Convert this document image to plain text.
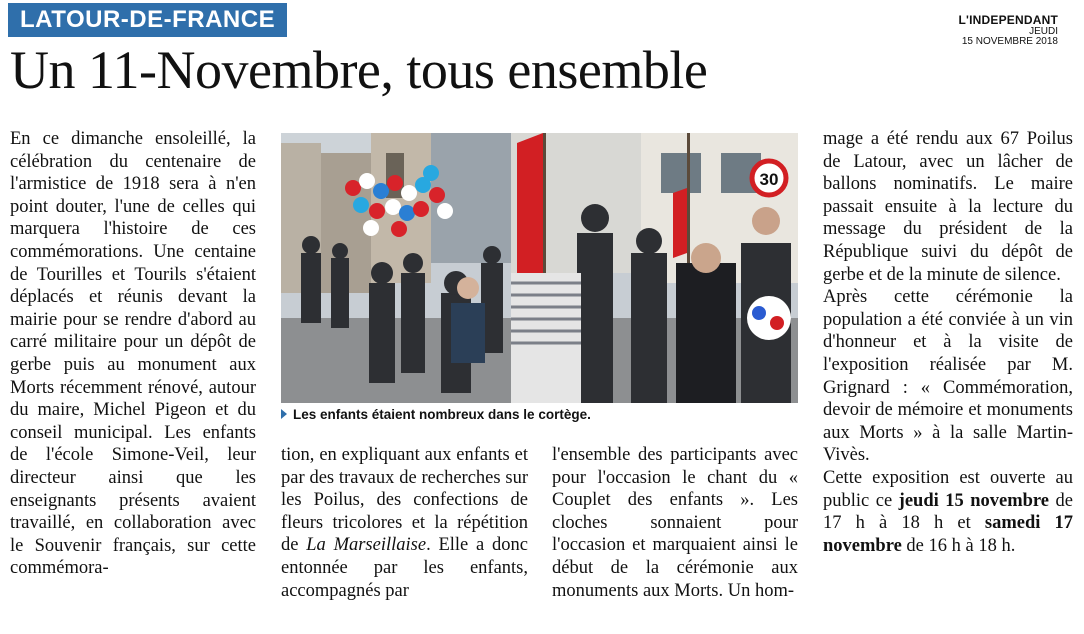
LATOUR-DE-FRANCE	L'INDEPENDANT
JEUDI
15 NOVEMBRE 2018
Un 11-Novembre, tous ensemble

En ce dimanche ensoleillé, la célébration du centenaire de l'armistice de 1918 sera à n'en point douter, l'une de celles qui marquera l'histoire de ces commémorations. Une centaine de Tourilles et Tourils s'étaient déplacés et réunis devant la mairie pour se rendre d'abord au carré militaire pour un dépôt de gerbe puis au monument aux Morts récemment rénové, autour du maire, Michel Pigeon et du conseil municipal. Les enfants de l'école Simone-Veil, leur directeur ainsi que les enseignants présents avaient travaillé, en collaboration avec le Souvenir français, sur cette commémora-

30
Les enfants étaient nombreux dans le cortège.

tion, en expliquant aux enfants et par des travaux de recherches sur les Poilus, des confections de fleurs tricolores et la répétition de La Marseillaise. Elle a donc entonnée par les enfants, accompagnés par

l'ensemble des participants avec pour l'occasion le chant du « Couplet des enfants ». Les cloches sonnaient pour l'occasion et marquaient ainsi le début de la cérémonie aux monuments aux Morts. Un hom-

mage a été rendu aux 67 Poilus de Latour, avec un lâcher de ballons nominatifs. Le maire passait ensuite à la lecture du message du président de la République suivi du dépôt de gerbe et de la minute de silence.

Après cette cérémonie la population a été conviée à un vin d'honneur et à la visite de l'exposition réalisée par M. Grignard : « Commémoration, devoir de mémoire et monuments aux Morts » à la salle Martin-Vivès.

Cette exposition est ouverte au public ce jeudi 15 novembre de 17 h à 18 h et samedi 17 novembre de 16 h à 18 h.
